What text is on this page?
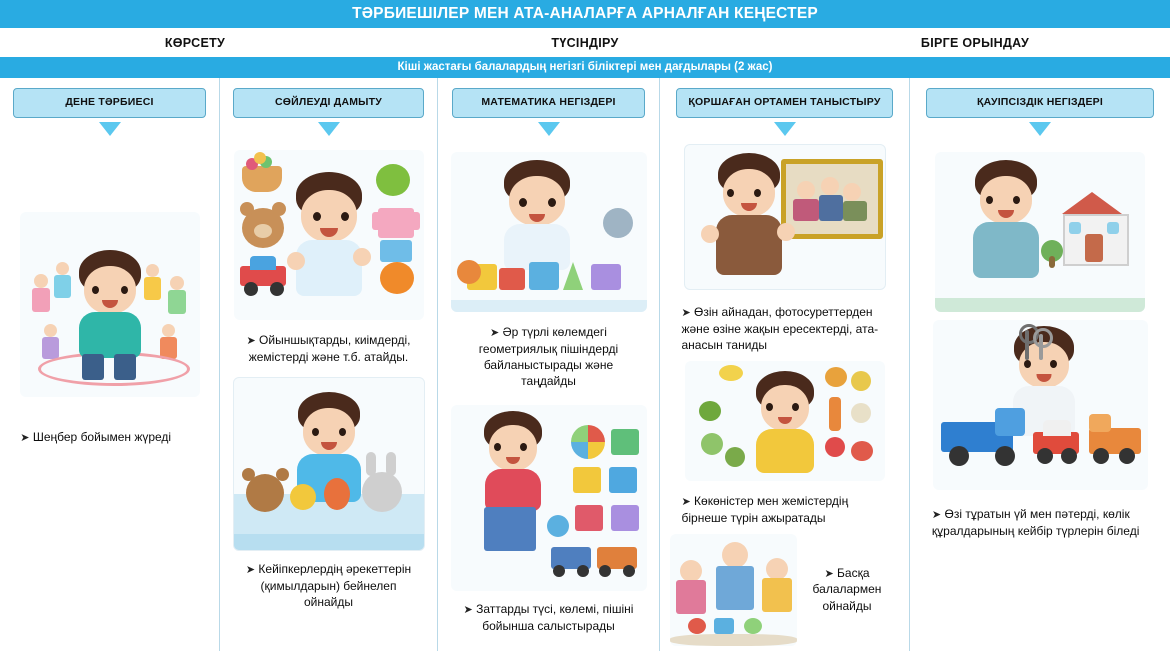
ТӘРБИЕШІЛЕР МЕН АТА-АНАЛАРҒА АРНАЛҒАН КЕҢЕСТЕР
КӨРСЕТУ	ТҮСІНДІРУ	БІРГЕ ОРЫНДАУ
Кіші жастағы балалардың негізгі біліктері мен дағдылары (2 жас)
ДЕНЕ ТӘРБИЕСІ
➤ Шеңбер бойымен жүреді
СӨЙЛЕУДІ ДАМЫТУ
➤ Ойыншықтарды, киімдерді, жемістерді және т.б. атайды.
➤ Кейіпкерлердің әрекеттерін (қимылдарын) бейнелеп ойнайды
МАТЕМАТИКА НЕГІЗДЕРІ
➤ Әр түрлі көлемдегі геометриялық пішіндерді байланыстырады және таңдайды
➤ Заттарды түсі, көлемі, пішіні бойынша салыстырады
ҚОРШАҒАН ОРТАМЕН ТАНЫСТЫРУ
➤ Өзін айнадан, фотосуреттерден және өзіне жақын ересектерді, ата-анасын таниды
➤ Көкөністер мен жемістердің бірнеше түрін ажыратады
➤ Басқа балалармен ойнайды
ҚАУІПСІЗДІК НЕГІЗДЕРІ
➤ Өзі тұратын үй мен пәтерді, көлік құралдарының кейбір түрлерін біледі
